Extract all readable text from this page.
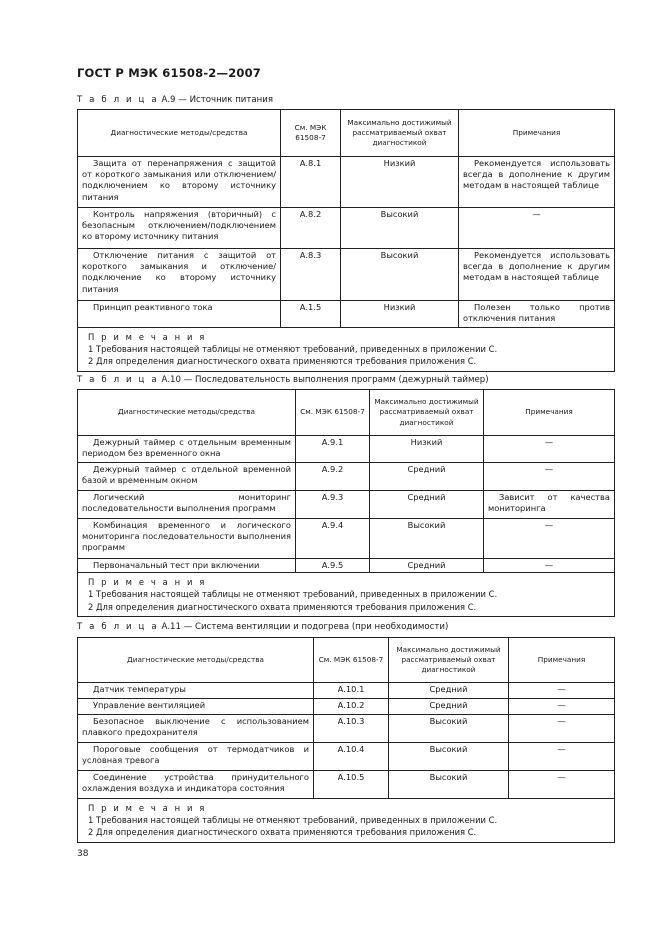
ГОСТ Р МЭК 61508-2—2007
Т а б л и ц а А.9 — Источник питания
Диагностические методы/средства	См. МЭК 61508-7	Максимально достижимый рассматриваемый охват диагностикой	Примечания
Защита от перенапряжения с защитой от короткого замыкания или отключением/подключением ко второму источнику питания	А.8.1	Низкий	Рекомендуется использовать всегда в дополнение к другим методам в настоящей таблице
Контроль напряжения (вторичный) с безопасным отключением/подключением ко второму источнику питания	А.8.2	Высокий	—
Отключение питания с защитой от короткого замыкания и отключение/подключение ко второму источнику питания	А.8.3	Высокий	Рекомендуется использовать всегда в дополнение к другим методам в настоящей таблице
Принцип реактивного тока	А.1.5	Низкий	Полезен только против отключения питания

П р и м е ч а н и я
1 Требования настоящей таблицы не отменяют требований, приведенных в приложении С.
2 Для определения диагностического охвата применяются требования приложения С.			
Т а б л и ц а А.10 — Последовательность выполнения программ (дежурный таймер)
Диагностические методы/средства	См. МЭК 61508-7	Максимально достижимый рассматриваемый охват диагностикой	Примечания
Дежурный таймер с отдельным временным периодом без временного окна	А.9.1	Низкий	—
Дежурный таймер с отдельной временной базой и временным окном	А.9.2	Средний	—
Логический мониторинг последовательности выполнения программ	А.9.3	Средний	Зависит от качества мониторинга
Комбинация временного и логического мониторинга последовательности выполнения программ	А.9.4	Высокий	—
Первоначальный тест при включении	А.9.5	Средний	—

П р и м е ч а н и я
1 Требования настоящей таблицы не отменяют требований, приведенных в приложении С.
2 Для определения диагностического охвата применяются требования приложения С.			
Т а б л и ц а А.11 — Система вентиляции и подогрева (при необходимости)
Диагностические методы/средства	См. МЭК 61508-7	Максимально достижимый рассматриваемый охват диагностикой	Примечания
Датчик температуры	А.10.1	Средний	—
Управление вентиляцией	А.10.2	Средний	—
Безопасное выключение с использованием плавкого предохранителя	А.10.3	Высокий	—
Пороговые сообщения от термодатчиков и условная тревога	А.10.4	Высокий	—
Соединение устройства принудительного охлаждения воздуха и индикатора состояния	А.10.5	Высокий	—

П р и м е ч а н и я
1 Требования настоящей таблицы не отменяют требований, приведенных в приложении С.
2 Для определения диагностического охвата применяются требования приложения С.			
38
